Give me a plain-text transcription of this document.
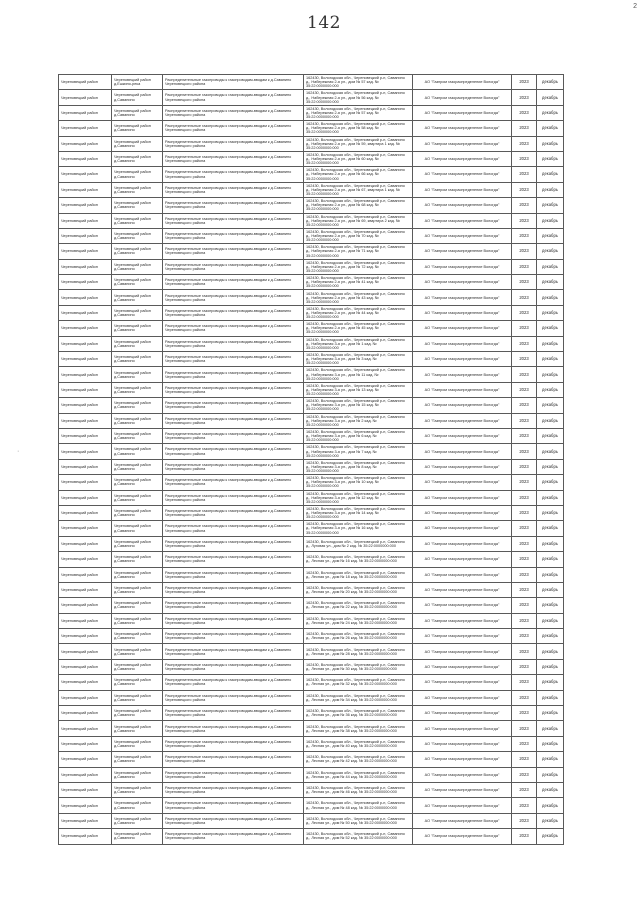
142
2
·
Череповецкий район	Череповецкий район д.Ешкино-река	Распределительные газопроводы к газопроводам-вводам к д.Саванино Череповецкого района	162430, Вологодская обл., Череповецкий р-н, Саванино д., Набережная 2-я ул., дом № 57 кад. № 35:22:0000000:000	АО "Газпром газораспределение Вологда"	2023	декабрь
Череповецкий район	Череповецкий район д.Саванино	Распределительные газопроводы к газопроводам-вводам к д.Саванино Череповецкого района	162430, Вологодская обл., Череповецкий р-н, Саванино д., Набережная 2-я ул., дом № 56 кад. № 35:22:0000000:000	АО "Газпром газораспределение Вологда"	2023	декабрь
Череповецкий район	Череповецкий район д.Саванино	Распределительные газопроводы к газопроводам-вводам к д.Саванино Череповецкого района	162430, Вологодская обл., Череповецкий р-н, Саванино д., Набережная 2-я ул., дом № 57 кад. № 35:22:0000000:000	АО "Газпром газораспределение Вологда"	2023	декабрь
Череповецкий район	Череповецкий район д.Саванино	Распределительные газопроводы к газопроводам-вводам к д.Саванино Череповецкого района	162430, Вологодская обл., Череповецкий р-н, Саванино д., Набережная 2-я ул., дом № 58 кад. № 35:22:0000000:000	АО "Газпром газораспределение Вологда"	2023	декабрь
Череповецкий район	Череповецкий район д.Саванино	Распределительные газопроводы к газопроводам-вводам к д.Саванино Череповецкого района	162430, Вологодская обл., Череповецкий р-н, Саванино д., Набережная 2-я ул., дом № 59, квартира 1 кад. № 35:22:0000000:000	АО "Газпром газораспределение Вологда"	2023	декабрь
Череповецкий район	Череповецкий район д.Саванино	Распределительные газопроводы к газопроводам-вводам к д.Саванино Череповецкого района	162430, Вологодская обл., Череповецкий р-н, Саванино д., Набережная 2-я ул., дом № 60 кад. № 35:22:0000000:000	АО "Газпром газораспределение Вологда"	2023	декабрь
Череповецкий район	Череповецкий район д.Саванино	Распределительные газопроводы к газопроводам-вводам к д.Саванино Череповецкого района	162430, Вологодская обл., Череповецкий р-н, Саванино д., Набережная 2-я ул., дом № 66 кад. № 35:22:0000000:000	АО "Газпром газораспределение Вологда"	2023	декабрь
Череповецкий район	Череповецкий район д.Саванино	Распределительные газопроводы к газопроводам-вводам к д.Саванино Череповецкого района	162430, Вологодская обл., Череповецкий р-н, Саванино д., Набережная 2-я ул., дом № 67, квартира 1 кад. № 35:22:0000000:000	АО "Газпром газораспределение Вологда"	2023	декабрь
Череповецкий район	Череповецкий район д.Саванино	Распределительные газопроводы к газопроводам-вводам к д.Саванино Череповецкого района	162430, Вологодская обл., Череповецкий р-н, Саванино д., Набережная 2-я ул., дом № 68 кад. № 35:22:0000000:000	АО "Газпром газораспределение Вологда"	2023	декабрь
Череповецкий район	Череповецкий район д.Саванино	Распределительные газопроводы к газопроводам-вводам к д.Саванино Череповецкого района	162430, Вологодская обл., Череповецкий р-н, Саванино д., Набережная 2-я ул., дом № 69, квартира 2 кад. № 35:22:0000000:000	АО "Газпром газораспределение Вологда"	2023	декабрь
Череповецкий район	Череповецкий район д.Саванино	Распределительные газопроводы к газопроводам-вводам к д.Саванино Череповецкого района	162430, Вологодская обл., Череповецкий р-н, Саванино д., Набережная 2-я ул., дом № 70 кад. № 35:22:0000000:000	АО "Газпром газораспределение Вологда"	2023	декабрь
Череповецкий район	Череповецкий район д.Саванино	Распределительные газопроводы к газопроводам-вводам к д.Саванино Череповецкого района	162430, Вологодская обл., Череповецкий р-н, Саванино д., Набережная 2-я ул., дом № 71 кад. № 35:22:0000000:000	АО "Газпром газораспределение Вологда"	2023	декабрь
Череповецкий район	Череповецкий район д.Саванино	Распределительные газопроводы к газопроводам-вводам к д.Саванино Череповецкого района	162430, Вологодская обл., Череповецкий р-н, Саванино д., Набережная 2-я ул., дом № 72 кад. № 35:22:0000000:000	АО "Газпром газораспределение Вологда"	2023	декабрь
Череповецкий район	Череповецкий район д.Саванино	Распределительные газопроводы к газопроводам-вводам к д.Саванино Череповецкого района	162430, Вологодская обл., Череповецкий р-н, Саванино д., Набережная 2-я ул., дом № 41 кад. № 35:22:0000000:000	АО "Газпром газораспределение Вологда"	2023	декабрь
Череповецкий район	Череповецкий район д.Саванино	Распределительные газопроводы к газопроводам-вводам к д.Саванино Череповецкого района	162430, Вологодская обл., Череповецкий р-н, Саванино д., Набережная 2-я ул., дом № 43 кад. № 35:22:0000000:000	АО "Газпром газораспределение Вологда"	2023	декабрь
Череповецкий район	Череповецкий район д.Саванино	Распределительные газопроводы к газопроводам-вводам к д.Саванино Череповецкого района	162430, Вологодская обл., Череповецкий р-н, Саванино д., Набережная 2-я ул., дом № 44 кад. № 35:22:0000000:000	АО "Газпром газораспределение Вологда"	2023	декабрь
Череповецкий район	Череповецкий район д.Саванино	Распределительные газопроводы к газопроводам-вводам к д.Саванино Череповецкого района	162430, Вологодская обл., Череповецкий р-н, Саванино д., Набережная 2-я ул., дом № 45 кад. № 35:22:0000000:000	АО "Газпром газораспределение Вологда"	2023	декабрь
Череповецкий район	Череповецкий район д.Саванино	Распределительные газопроводы к газопроводам-вводам к д.Саванино Череповецкого района	162430, Вологодская обл., Череповецкий р-н, Саванино д., Набережная 3-я ул., дом № 1 кад. № 35:22:0000000:000	АО "Газпром газораспределение Вологда"	2023	декабрь
Череповецкий район	Череповецкий район д.Саванино	Распределительные газопроводы к газопроводам-вводам к д.Саванино Череповецкого района	162430, Вологодская обл., Череповецкий р-н, Саванино д., Набережная 3-я ул., дом № 3 кад. № 35:22:0000000:000	АО "Газпром газораспределение Вологда"	2023	декабрь
Череповецкий район	Череповецкий район д.Саванино	Распределительные газопроводы к газопроводам-вводам к д.Саванино Череповецкого района	162430, Вологодская обл., Череповецкий р-н, Саванино д., Набережная 3-я ул., дом № 11 кад. № 35:22:0000000:000	АО "Газпром газораспределение Вологда"	2023	декабрь
Череповецкий район	Череповецкий район д.Саванино	Распределительные газопроводы к газопроводам-вводам к д.Саванино Череповецкого района	162430, Вологодская обл., Череповецкий р-н, Саванино д., Набережная 3-я ул., дом № 13 кад. № 35:22:0000000:000	АО "Газпром газораспределение Вологда"	2023	декабрь
Череповецкий район	Череповецкий район д.Саванино	Распределительные газопроводы к газопроводам-вводам к д.Саванино Череповецкого района	162430, Вологодская обл., Череповецкий р-н, Саванино д., Набережная 3-я ул., дом № 15 кад. № 35:22:0000000:000	АО "Газпром газораспределение Вологда"	2023	декабрь
Череповецкий район	Череповецкий район д.Саванино	Распределительные газопроводы к газопроводам-вводам к д.Саванино Череповецкого района	162430, Вологодская обл., Череповецкий р-н, Саванино д., Набережная 3-я ул., дом № 2 кад. № 35:22:0000000:000	АО "Газпром газораспределение Вологда"	2023	декабрь
Череповецкий район	Череповецкий район д.Саванино	Распределительные газопроводы к газопроводам-вводам к д.Саванино Череповецкого района	162430, Вологодская обл., Череповецкий р-н, Саванино д., Набережная 3-я ул., дом № 6 кад. № 35:22:0000000:000	АО "Газпром газораспределение Вологда"	2023	декабрь
Череповецкий район	Череповецкий район д.Саванино	Распределительные газопроводы к газопроводам-вводам к д.Саванино Череповецкого района	162430, Вологодская обл., Череповецкий р-н, Саванино д., Набережная 3-я ул., дом № 7 кад. № 35:22:0000000:000	АО "Газпром газораспределение Вологда"	2023	декабрь
Череповецкий район	Череповецкий район д.Саванино	Распределительные газопроводы к газопроводам-вводам к д.Саванино Череповецкого района	162430, Вологодская обл., Череповецкий р-н, Саванино д., Набережная 3-я ул., дом № 8 кад. № 35:22:0000000:000	АО "Газпром газораспределение Вологда"	2023	декабрь
Череповецкий район	Череповецкий район д.Саванино	Распределительные газопроводы к газопроводам-вводам к д.Саванино Череповецкого района	162430, Вологодская обл., Череповецкий р-н, Саванино д., Набережная 3-я ул., дом № 10 кад. № 35:22:0000000:000	АО "Газпром газораспределение Вологда"	2023	декабрь
Череповецкий район	Череповецкий район д.Саванино	Распределительные газопроводы к газопроводам-вводам к д.Саванино Череповецкого района	162430, Вологодская обл., Череповецкий р-н, Саванино д., Набережная 3-я ул., дом № 12 кад. № 35:22:0000000:000	АО "Газпром газораспределение Вологда"	2023	декабрь
Череповецкий район	Череповецкий район д.Саванино	Распределительные газопроводы к газопроводам-вводам к д.Саванино Череповецкого района	162430, Вологодская обл., Череповецкий р-н, Саванино д., Набережная 3-я ул., дом № 14 кад. № 35:22:0000000:000	АО "Газпром газораспределение Вологда"	2023	декабрь
Череповецкий район	Череповецкий район д.Саванино	Распределительные газопроводы к газопроводам-вводам к д.Саванино Череповецкого района	162430, Вологодская обл., Череповецкий р-н, Саванино д., Набережная 3-я ул., дом № 16 кад. № 35:22:0000000:000	АО "Газпром газораспределение Вологда"	2023	декабрь
Череповецкий район	Череповецкий район д.Саванино	Распределительные газопроводы к газопроводам-вводам к д.Саванино Череповецкого района	162430, Вологодская обл., Череповецкий р-н, Саванино д., Луговая ул., дом № 2 кад. № 35:22:0000000:000	АО "Газпром газораспределение Вологда"	2023	декабрь
Череповецкий район	Череповецкий район д.Саванино	Распределительные газопроводы к газопроводам-вводам к д.Саванино Череповецкого района	162430, Вологодская обл., Череповецкий р-н, Саванино д., Лесная ул., дом № 16 кад. № 35:22:0000000:000	АО "Газпром газораспределение Вологда"	2023	декабрь
Череповецкий район	Череповецкий район д.Саванино	Распределительные газопроводы к газопроводам-вводам к д.Саванино Череповецкого района	162430, Вологодская обл., Череповецкий р-н, Саванино д., Лесная ул., дом № 18 кад. № 35:22:0000000:000	АО "Газпром газораспределение Вологда"	2023	декабрь
Череповецкий район	Череповецкий район д.Саванино	Распределительные газопроводы к газопроводам-вводам к д.Саванино Череповецкого района	162430, Вологодская обл., Череповецкий р-н, Саванино д., Лесная ул., дом № 20 кад. № 35:22:0000000:000	АО "Газпром газораспределение Вологда"	2023	декабрь
Череповецкий район	Череповецкий район д.Саванино	Распределительные газопроводы к газопроводам-вводам к д.Саванино Череповецкого района	162430, Вологодская обл., Череповецкий р-н, Саванино д., Лесная ул., дом № 22 кад. № 35:22:0000000:000	АО "Газпром газораспределение Вологда"	2023	декабрь
Череповецкий район	Череповецкий район д.Саванино	Распределительные газопроводы к газопроводам-вводам к д.Саванино Череповецкого района	162430, Вологодская обл., Череповецкий р-н, Саванино д., Лесная ул., дом № 24 кад. № 35:22:0000000:000	АО "Газпром газораспределение Вологда"	2023	декабрь
Череповецкий район	Череповецкий район д.Саванино	Распределительные газопроводы к газопроводам-вводам к д.Саванино Череповецкого района	162430, Вологодская обл., Череповецкий р-н, Саванино д., Лесная ул., дом № 26 кад. № 35:22:0000000:000	АО "Газпром газораспределение Вологда"	2023	декабрь
Череповецкий район	Череповецкий район д.Саванино	Распределительные газопроводы к газопроводам-вводам к д.Саванино Череповецкого района	162430, Вологодская обл., Череповецкий р-н, Саванино д., Лесная ул., дом № 28 кад. № 35:22:0000000:000	АО "Газпром газораспределение Вологда"	2023	декабрь
Череповецкий район	Череповецкий район д.Саванино	Распределительные газопроводы к газопроводам-вводам к д.Саванино Череповецкого района	162430, Вологодская обл., Череповецкий р-н, Саванино д., Лесная ул., дом № 30 кад. № 35:22:0000000:000	АО "Газпром газораспределение Вологда"	2023	декабрь
Череповецкий район	Череповецкий район д.Саванино	Распределительные газопроводы к газопроводам-вводам к д.Саванино Череповецкого района	162430, Вологодская обл., Череповецкий р-н, Саванино д., Лесная ул., дом № 32 кад. № 35:22:0000000:000	АО "Газпром газораспределение Вологда"	2023	декабрь
Череповецкий район	Череповецкий район д.Саванино	Распределительные газопроводы к газопроводам-вводам к д.Саванино Череповецкого района	162430, Вологодская обл., Череповецкий р-н, Саванино д., Лесная ул., дом № 34 кад. № 35:22:0000000:000	АО "Газпром газораспределение Вологда"	2023	декабрь
Череповецкий район	Череповецкий район д.Саванино	Распределительные газопроводы к газопроводам-вводам к д.Саванино Череповецкого района	162430, Вологодская обл., Череповецкий р-н, Саванино д., Лесная ул., дом № 36 кад. № 35:22:0000000:000	АО "Газпром газораспределение Вологда"	2023	декабрь
Череповецкий район	Череповецкий район д.Саванино	Распределительные газопроводы к газопроводам-вводам к д.Саванино Череповецкого района	162430, Вологодская обл., Череповецкий р-н, Саванино д., Лесная ул., дом № 38 кад. № 35:22:0000000:000	АО "Газпром газораспределение Вологда"	2023	декабрь
Череповецкий район	Череповецкий район д.Саванино	Распределительные газопроводы к газопроводам-вводам к д.Саванино Череповецкого района	162430, Вологодская обл., Череповецкий р-н, Саванино д., Лесная ул., дом № 40 кад. № 35:22:0000000:000	АО "Газпром газораспределение Вологда"	2023	декабрь
Череповецкий район	Череповецкий район д.Саванино	Распределительные газопроводы к газопроводам-вводам к д.Саванино Череповецкого района	162430, Вологодская обл., Череповецкий р-н, Саванино д., Лесная ул., дом № 42 кад. № 35:22:0000000:000	АО "Газпром газораспределение Вологда"	2023	декабрь
Череповецкий район	Череповецкий район д.Саванино	Распределительные газопроводы к газопроводам-вводам к д.Саванино Череповецкого района	162430, Вологодская обл., Череповецкий р-н, Саванино д., Лесная ул., дом № 44 кад. № 35:22:0000000:000	АО "Газпром газораспределение Вологда"	2023	декабрь
Череповецкий район	Череповецкий район д.Саванино	Распределительные газопроводы к газопроводам-вводам к д.Саванино Череповецкого района	162430, Вологодская обл., Череповецкий р-н, Саванино д., Лесная ул., дом № 46 кад. № 35:22:0000000:000	АО "Газпром газораспределение Вологда"	2023	декабрь
Череповецкий район	Череповецкий район д.Саванино	Распределительные газопроводы к газопроводам-вводам к д.Саванино Череповецкого района	162430, Вологодская обл., Череповецкий р-н, Саванино д., Лесная ул., дом № 48 кад. № 35:22:0000000:000	АО "Газпром газораспределение Вологда"	2023	декабрь
Череповецкий район	Череповецкий район д.Саванино	Распределительные газопроводы к газопроводам-вводам к д.Саванино Череповецкого района	162430, Вологодская обл., Череповецкий р-н, Саванино д., Лесная ул., дом № 50 кад. № 35:22:0000000:000	АО "Газпром газораспределение Вологда"	2023	декабрь
Череповецкий район	Череповецкий район д.Саванино	Распределительные газопроводы к газопроводам-вводам к д.Саванино Череповецкого района	162430, Вологодская обл., Череповецкий р-н, Саванино д., Лесная ул., дом № 52 кад. № 35:22:0000000:000	АО "Газпром газораспределение Вологда"	2023	декабрь
